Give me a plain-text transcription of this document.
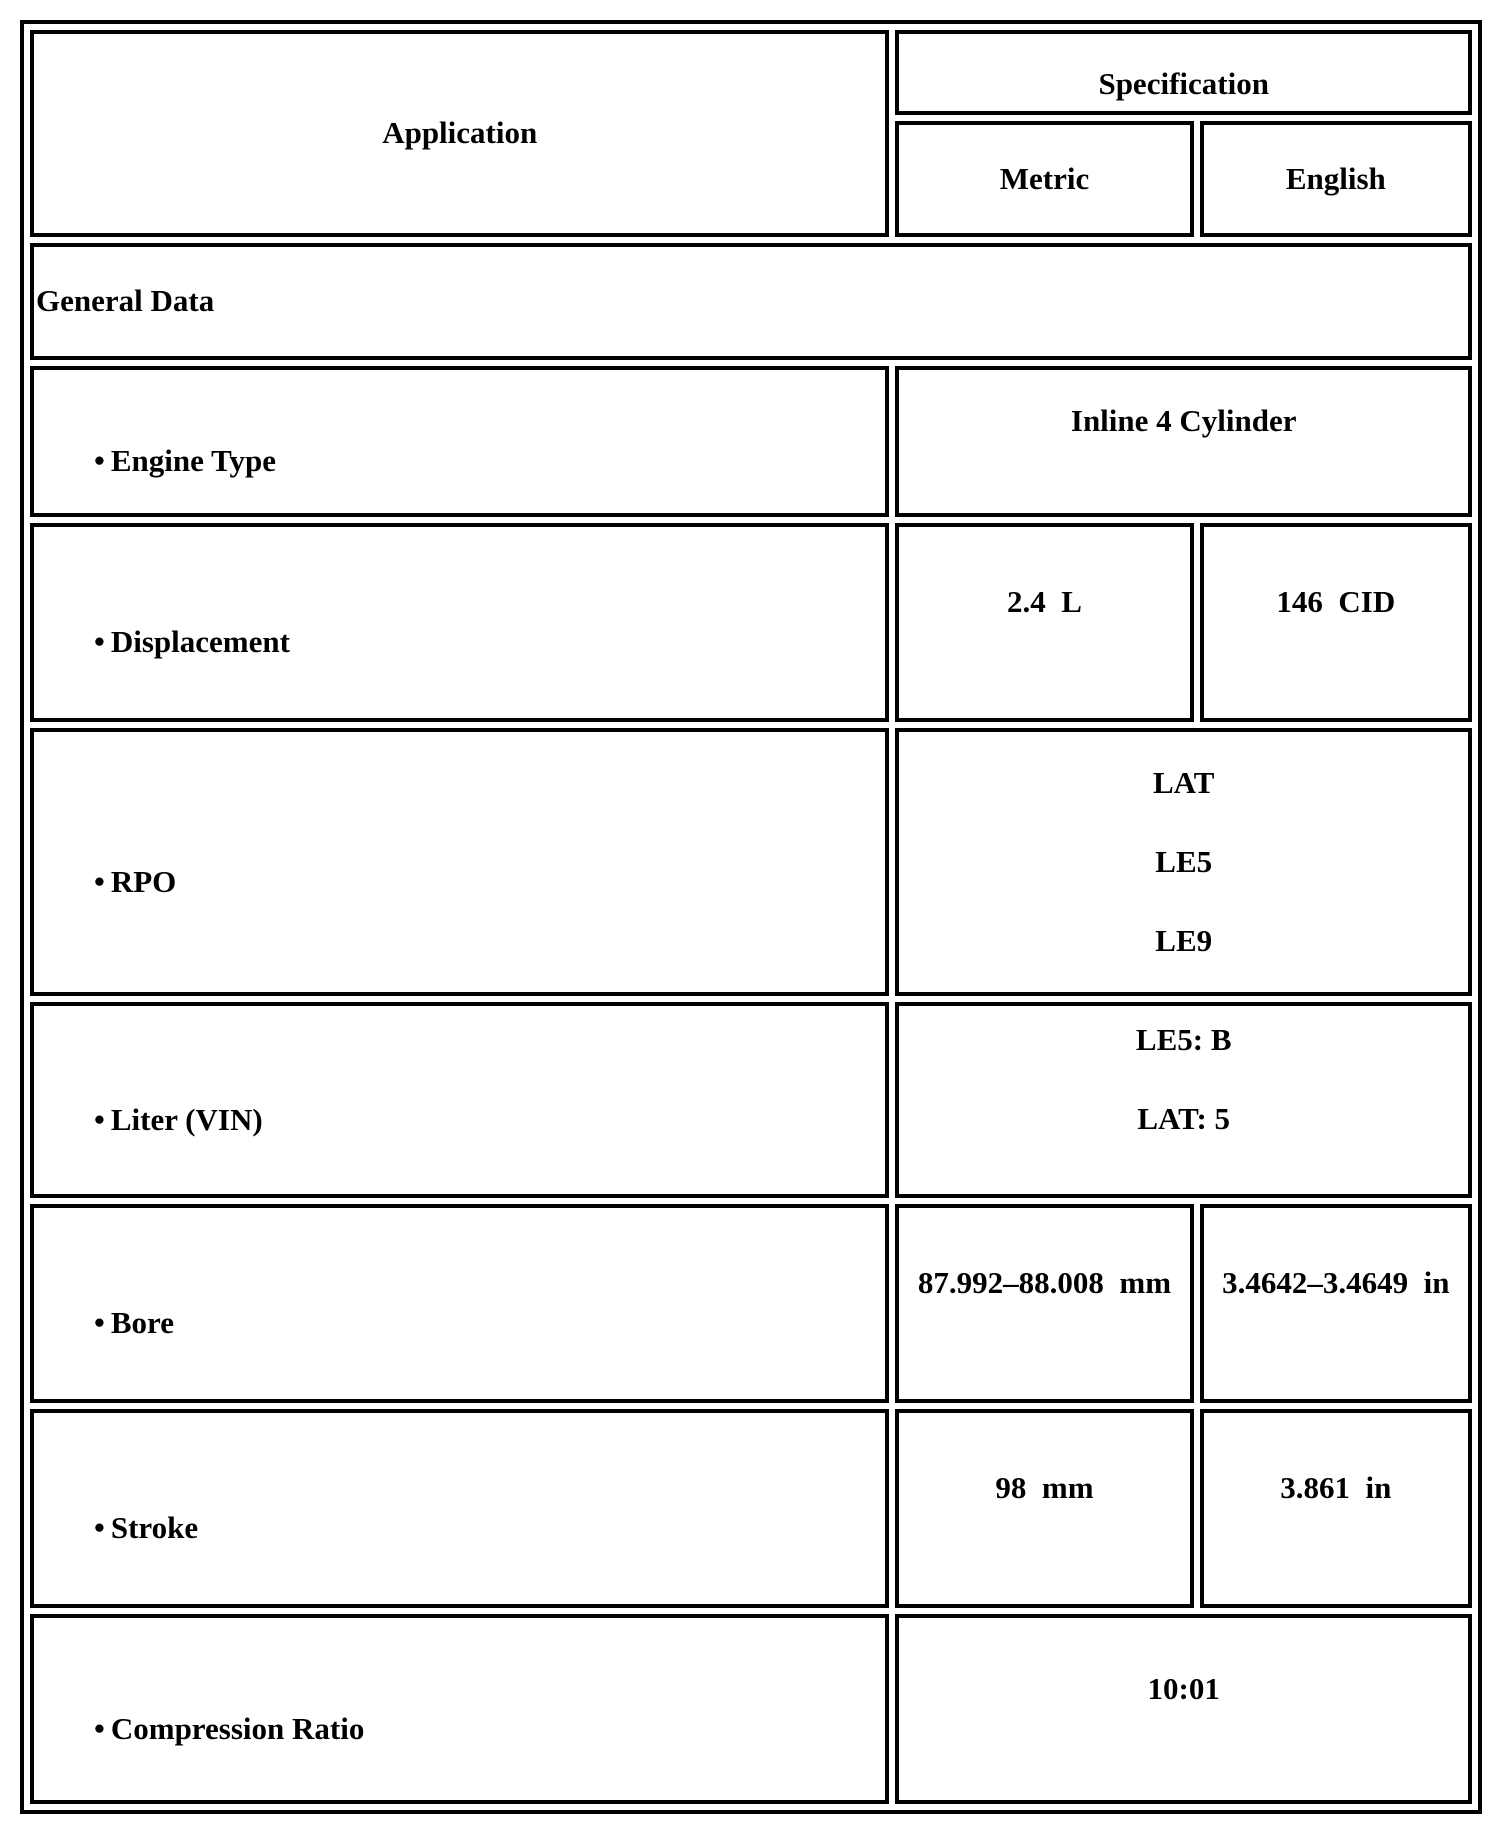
Application	Specification	
	Metric	English
General Data		
• Engine Type	Inline 4 Cylinder	
• Displacement	2.4  L	146  CID
• RPO	LAT
LE5
LE9	

• Liter (VIN)	LE5: B
LAT: 5	

• Bore	87.992–88.008  mm	3.4642–3.4649  in
• Stroke	98  mm	3.861  in
• Compression Ratio	10:01	
